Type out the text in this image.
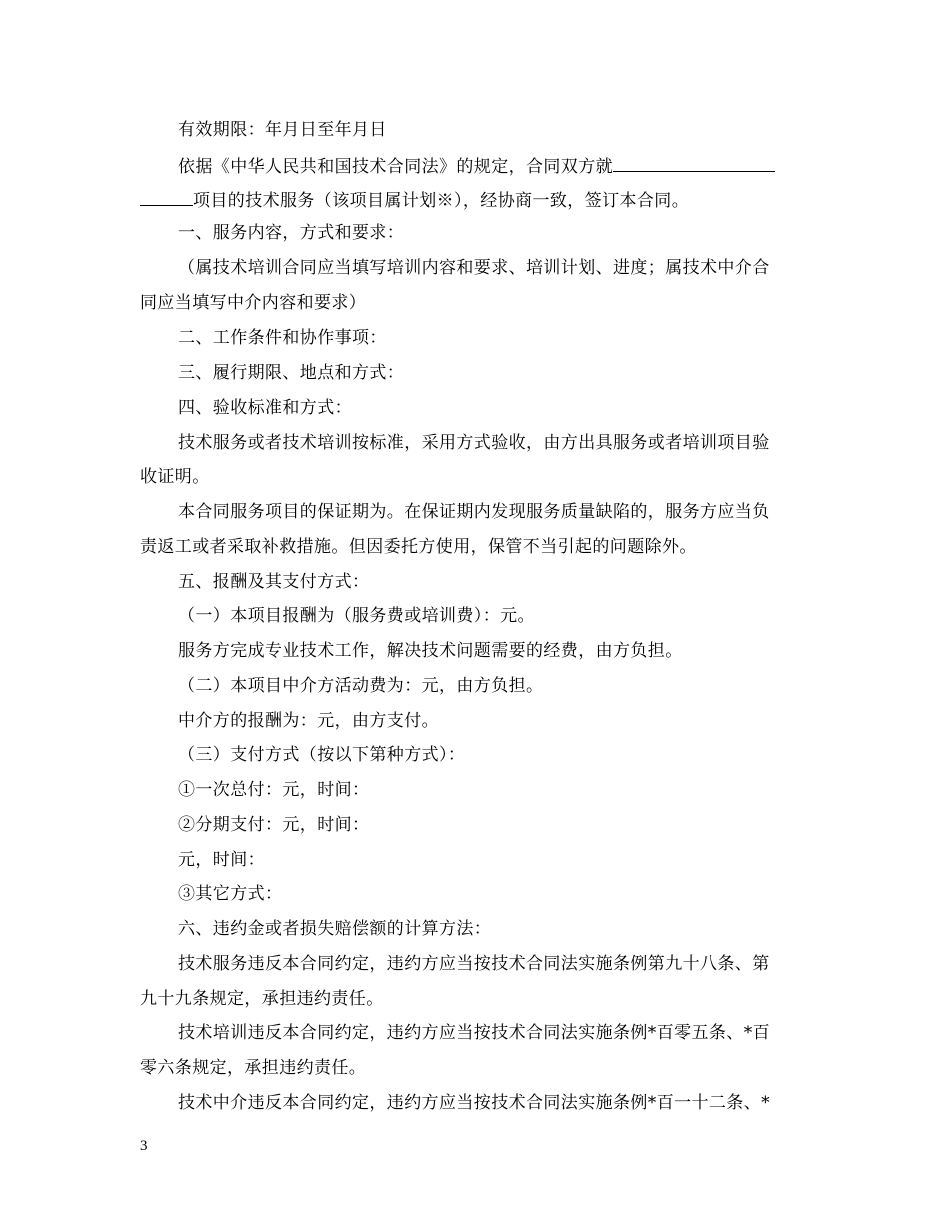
有效期限：年月日至年月日
依据《中华人民共和国技术合同法》的规定，合同双方就
项目的技术服务（该项目属计划※），经协商一致，签订本合同。
一、服务内容，方式和要求：
（属技术培训合同应当填写培训内容和要求、培训计划、进度；属技术中介合
同应当填写中介内容和要求）
二、工作条件和协作事项：
三、履行期限、地点和方式：
四、验收标准和方式：
技术服务或者技术培训按标准，采用方式验收，由方出具服务或者培训项目验
收证明。
本合同服务项目的保证期为。在保证期内发现服务质量缺陷的，服务方应当负
责返工或者采取补救措施。但因委托方使用，保管不当引起的问题除外。
五、报酬及其支付方式：
（一）本项目报酬为（服务费或培训费）：元。
服务方完成专业技术工作，解决技术问题需要的经费，由方负担。
（二）本项目中介方活动费为：元，由方负担。
中介方的报酬为：元，由方支付。
（三）支付方式（按以下第种方式）：
①一次总付：元，时间：
②分期支付：元，时间：
元，时间：
③其它方式：
六、违约金或者损失赔偿额的计算方法：
技术服务违反本合同约定，违约方应当按技术合同法实施条例第九十八条、第
九十九条规定，承担违约责任。
技术培训违反本合同约定，违约方应当按技术合同法实施条例*百零五条、*百
零六条规定，承担违约责任。
技术中介违反本合同约定，违约方应当按技术合同法实施条例*百一十二条、*
3
